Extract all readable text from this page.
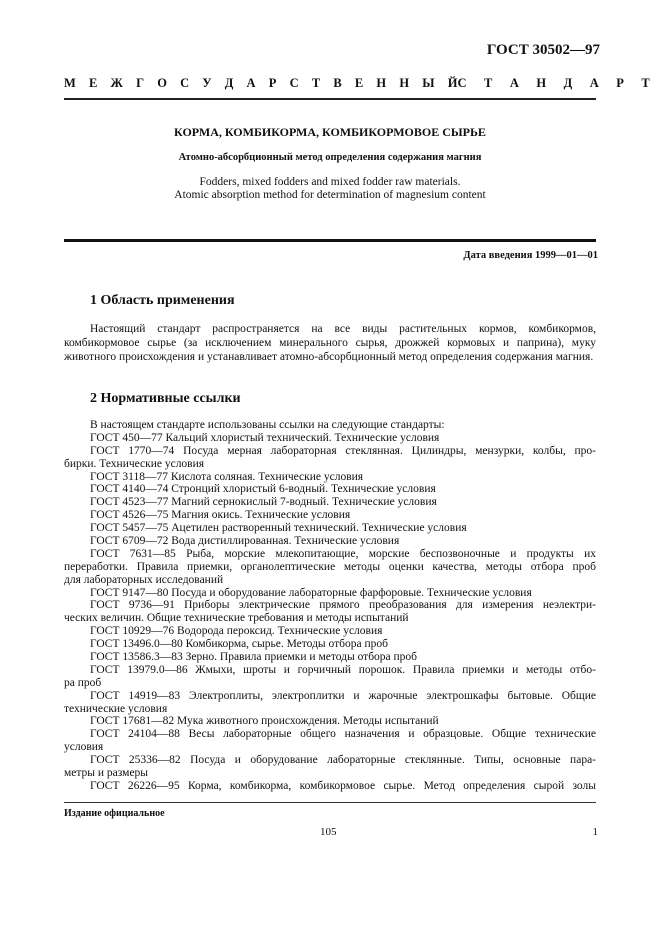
ГОСТ 30502—97
М Е Ж Г О С У Д А Р С Т В Е Н Н Ы Й С Т А Н Д А Р Т
КОРМА, КОМБИКОРМА, КОМБИКОРМОВОЕ СЫРЬЕ
Атомно-абсорбционный метод определения содержания магния
Fodders, mixed fodders and mixed fodder raw materials.
Atomic absorption method for determination of magnesium content
Дата введения 1999—01—01
1 Область применения
Настоящий стандарт распространяется на все виды растительных кормов, комбикормов, комбикормовое сырье (за исключением минерального сырья, дрожжей кормовых и паприна), муку животного происхождения и устанавливает атомно-абсорбционный метод определения содержания магния.
2 Нормативные ссылки
В настоящем стандарте использованы ссылки на следующие стандарты:
ГОСТ 450—77 Кальций хлористый технический. Технические условия
ГОСТ 1770—74 Посуда мерная лабораторная стеклянная. Цилиндры, мензурки, колбы, про-
бирки. Технические условия
ГОСТ 3118—77 Кислота соляная. Технические условия
ГОСТ 4140—74 Стронций хлористый 6-водный. Технические условия
ГОСТ 4523—77 Магний сернокислый 7-водный. Технические условия
ГОСТ 4526—75 Магния окись. Технические условия
ГОСТ 5457—75 Ацетилен растворенный технический. Технические условия
ГОСТ 6709—72 Вода дистиллированная. Технические условия
ГОСТ 7631—85 Рыба, морские млекопитающие, морские беспозвоночные и продукты их
переработки. Правила приемки, органолептические методы оценки качества, методы отбора проб
для лабораторных исследований
ГОСТ 9147—80 Посуда и оборудование лабораторные фарфоровые. Технические условия
ГОСТ 9736—91 Приборы электрические прямого преобразования для измерения неэлектри-
ческих величин. Общие технические требования и методы испытаний
ГОСТ 10929—76 Водорода пероксид. Технические условия
ГОСТ 13496.0—80 Комбикорма, сырье. Методы отбора проб
ГОСТ 13586.3—83 Зерно. Правила приемки и методы отбора проб
ГОСТ 13979.0—86 Жмыхи, шроты и горчичный порошок. Правила приемки и методы отбо-
ра проб
ГОСТ 14919—83 Электроплиты, электроплитки и жарочные электрошкафы бытовые. Общие
технические условия
ГОСТ 17681—82 Мука животного происхождения. Методы испытаний
ГОСТ 24104—88 Весы лабораторные общего назначения и образцовые. Общие технические
условия
ГОСТ 25336—82 Посуда и оборудование лабораторные стеклянные. Типы, основные пара-
метры и размеры
ГОСТ 26226—95 Корма, комбикорма, комбикормовое сырье. Метод определения сырой золы
Издание официальное
105	1
